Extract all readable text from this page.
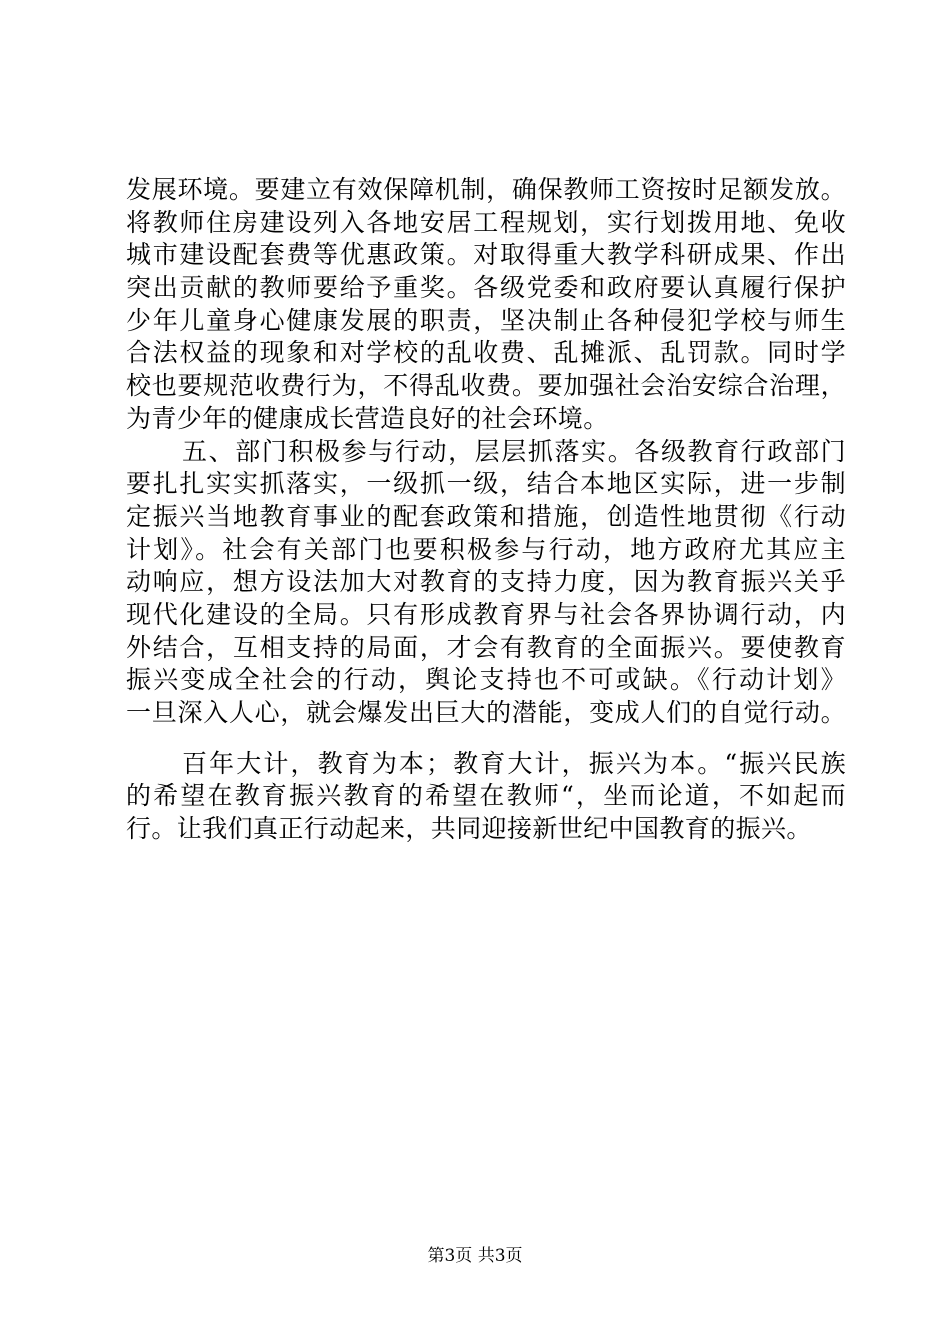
发展环境。要建立有效保障机制，确保教师工资按时足额发放。
将教师住房建设列入各地安居工程规划，实行划拨用地、免收
城市建设配套费等优惠政策。对取得重大教学科研成果、作出
突出贡献的教师要给予重奖。各级党委和政府要认真履行保护
少年儿童身心健康发展的职责，坚决制止各种侵犯学校与师生
合法权益的现象和对学校的乱收费、乱摊派、乱罚款。同时学
校也要规范收费行为，不得乱收费。要加强社会治安综合治理，
为青少年的健康成长营造良好的社会环境。
五、部门积极参与行动，层层抓落实。各级教育行政部门
要扎扎实实抓落实，一级抓一级，结合本地区实际，进一步制
定振兴当地教育事业的配套政策和措施，创造性地贯彻《行动
计划》。社会有关部门也要积极参与行动，地方政府尤其应主
动响应，想方设法加大对教育的支持力度，因为教育振兴关乎
现代化建设的全局。只有形成教育界与社会各界协调行动，内
外结合，互相支持的局面，才会有教育的全面振兴。要使教育
振兴变成全社会的行动，舆论支持也不可或缺。《行动计划》
一旦深入人心，就会爆发出巨大的潜能，变成人们的自觉行动。
百年大计，教育为本；教育大计，振兴为本。“振兴民族
的希望在教育振兴教育的希望在教师“，坐而论道，不如起而
行。让我们真正行动起来，共同迎接新世纪中国教育的振兴。
第3页 共3页
